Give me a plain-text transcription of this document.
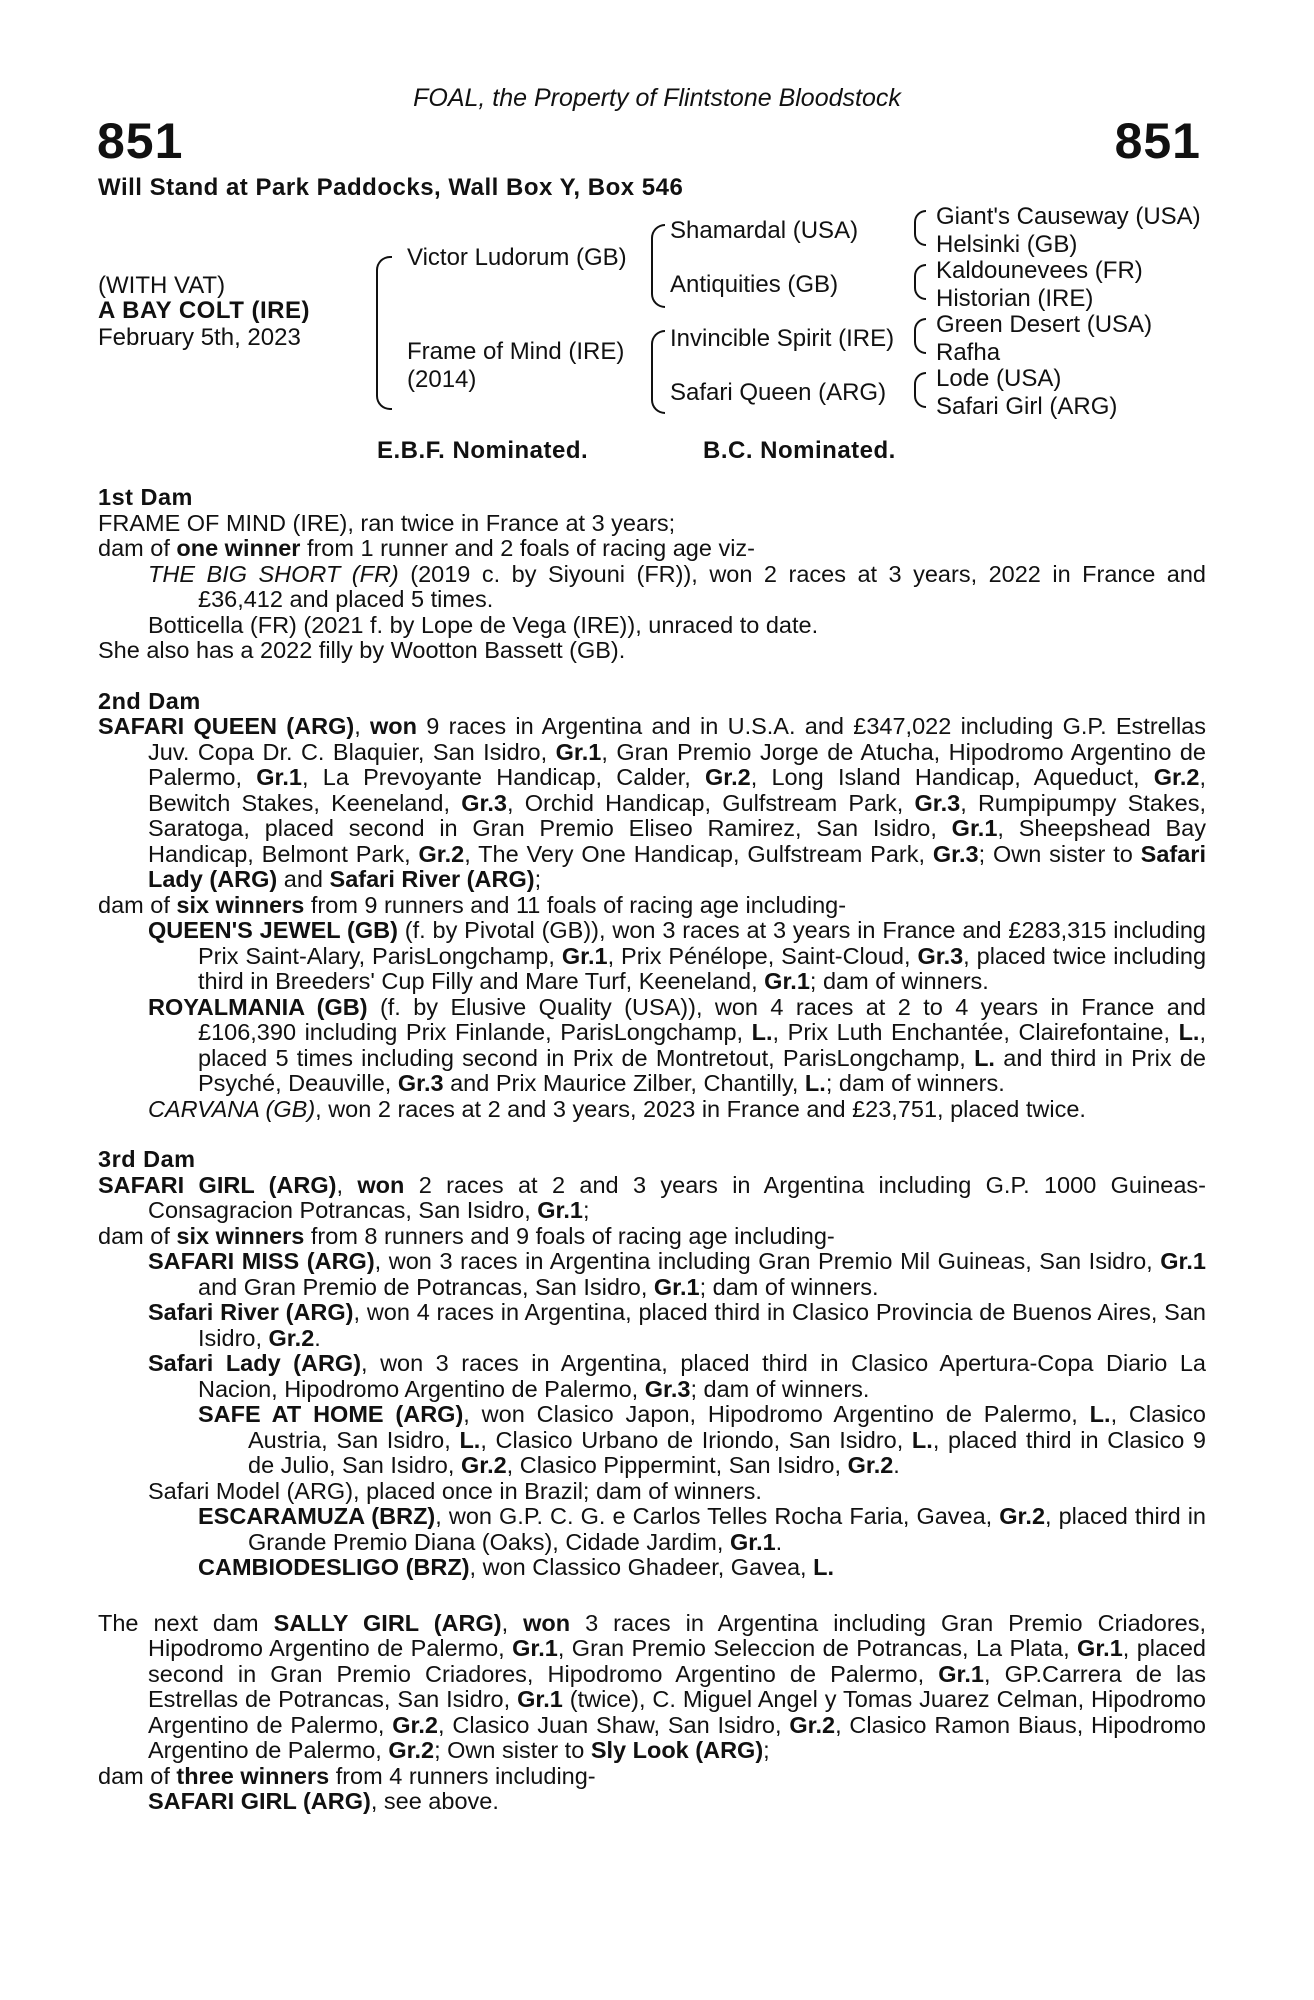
FOAL, the Property of Flintstone Bloodstock
851	851
Will Stand at Park Paddocks, Wall Box Y, Box 546
(WITH VAT)
A BAY COLT (IRE)
February 5th, 2023
Victor Ludorum (GB)
Frame of Mind (IRE)
(2014)
Shamardal (USA)
Antiquities (GB)
Invincible Spirit (IRE)
Safari Queen (ARG)
Giant's Causeway (USA)
Helsinki (GB)
Kaldounevees (FR)
Historian (IRE)
Green Desert (USA)
Rafha
Lode (USA)
Safari Girl (ARG)
E.B.F. Nominated.	B.C. Nominated.
1st Dam

FRAME OF MIND (IRE), ran twice in France at 3 years;

dam of one winner from 1 runner and 2 foals of racing age viz-

THE BIG SHORT (FR) (2019 c. by Siyouni (FR)), won 2 races at 3 years, 2022 in France and £36,412 and placed 5 times.

Botticella (FR) (2021 f. by Lope de Vega (IRE)), unraced to date.

She also has a 2022 filly by Wootton Bassett (GB).

2nd Dam

SAFARI QUEEN (ARG), won 9 races in Argentina and in U.S.A. and £347,022 including G.P. Estrellas Juv. Copa Dr. C. Blaquier, San Isidro, Gr.1, Gran Premio Jorge de Atucha, Hipodromo Argentino de Palermo, Gr.1, La Prevoyante Handicap, Calder, Gr.2, Long Island Handicap, Aqueduct, Gr.2, Bewitch Stakes, Keeneland, Gr.3, Orchid Handicap, Gulfstream Park, Gr.3, Rumpipumpy Stakes, Saratoga, placed second in Gran Premio Eliseo Ramirez, San Isidro, Gr.1, Sheepshead Bay Handicap, Belmont Park, Gr.2, The Very One Handicap, Gulfstream Park, Gr.3; Own sister to Safari Lady (ARG) and Safari River (ARG);

dam of six winners from 9 runners and 11 foals of racing age including-

QUEEN'S JEWEL (GB) (f. by Pivotal (GB)), won 3 races at 3 years in France and £283,315 including Prix Saint-Alary, ParisLongchamp, Gr.1, Prix Pénélope, Saint-Cloud, Gr.3, placed twice including third in Breeders' Cup Filly and Mare Turf, Keeneland, Gr.1; dam of winners.

ROYALMANIA (GB) (f. by Elusive Quality (USA)), won 4 races at 2 to 4 years in France and £106,390 including Prix Finlande, ParisLongchamp, L., Prix Luth Enchantée, Clairefontaine, L., placed 5 times including second in Prix de Montretout, ParisLongchamp, L. and third in Prix de Psyché, Deauville, Gr.3 and Prix Maurice Zilber, Chantilly, L.; dam of winners.

CARVANA (GB), won 2 races at 2 and 3 years, 2023 in France and £23,751, placed twice.

3rd Dam

SAFARI GIRL (ARG), won 2 races at 2 and 3 years in Argentina including G.P. 1000 Guineas-Consagracion Potrancas, San Isidro, Gr.1;

dam of six winners from 8 runners and 9 foals of racing age including-

SAFARI MISS (ARG), won 3 races in Argentina including Gran Premio Mil Guineas, San Isidro, Gr.1 and Gran Premio de Potrancas, San Isidro, Gr.1; dam of winners.

Safari River (ARG), won 4 races in Argentina, placed third in Clasico Provincia de Buenos Aires, San Isidro, Gr.2.

Safari Lady (ARG), won 3 races in Argentina, placed third in Clasico Apertura-Copa Diario La Nacion, Hipodromo Argentino de Palermo, Gr.3; dam of winners.

SAFE AT HOME (ARG), won Clasico Japon, Hipodromo Argentino de Palermo, L., Clasico Austria, San Isidro, L., Clasico Urbano de Iriondo, San Isidro, L., placed third in Clasico 9 de Julio, San Isidro, Gr.2, Clasico Pippermint, San Isidro, Gr.2.

Safari Model (ARG), placed once in Brazil; dam of winners.

ESCARAMUZA (BRZ), won G.P. C. G. e Carlos Telles Rocha Faria, Gavea, Gr.2, placed third in Grande Premio Diana (Oaks), Cidade Jardim, Gr.1.

CAMBIODESLIGO (BRZ), won Classico Ghadeer, Gavea, L.

The next dam SALLY GIRL (ARG), won 3 races in Argentina including Gran Premio Criadores, Hipodromo Argentino de Palermo, Gr.1, Gran Premio Seleccion de Potrancas, La Plata, Gr.1, placed second in Gran Premio Criadores, Hipodromo Argentino de Palermo, Gr.1, GP.Carrera de las Estrellas de Potrancas, San Isidro, Gr.1 (twice), C. Miguel Angel y Tomas Juarez Celman, Hipodromo Argentino de Palermo, Gr.2, Clasico Juan Shaw, San Isidro, Gr.2, Clasico Ramon Biaus, Hipodromo Argentino de Palermo, Gr.2; Own sister to Sly Look (ARG);

dam of three winners from 4 runners including-

SAFARI GIRL (ARG), see above.
